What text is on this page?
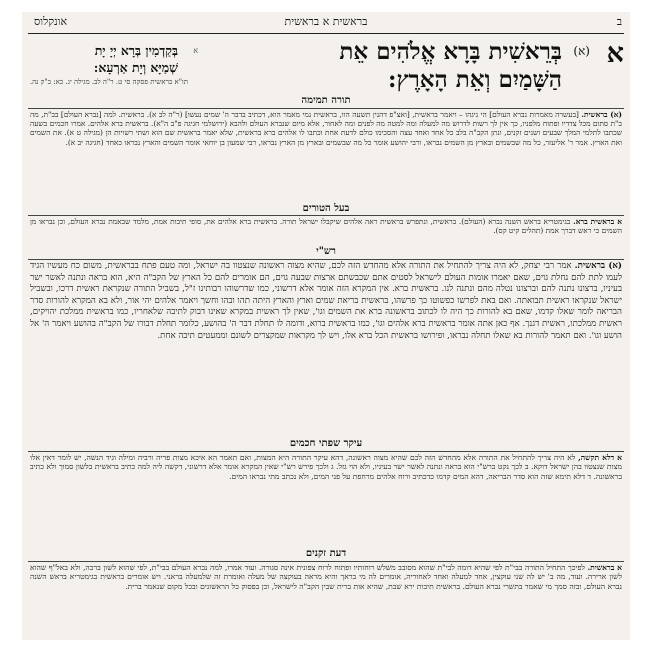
ב
בראשית א בראשית
אונקלוס
א
(א)
בְּרֵאשִׁית בָּרָא אֱלֹהִים אֵת
הַשָּׁמַיִם וְאֵת הָאָרֶץ:
א
בְּקַדְמִין בְּרָא יְיָ יָת
שְׁמַיָּא וְיָת אַרְעָא:
תו"א בראשית פסקה סי ט. ר"ה לב. מגילה יג. כא: ב"ק נה.
תורה תמימה

(א) בראשית. [בעשרה מאמרות נברא העולם] הי ניגהו – ויאמר בראשית, [ואצ"פ דהנין תשעה הוו, בראשית נמי מאמר הוא, דכתיב בדבר ה' שמים נעשו] (ר"ה לב א). בראשית. למה [נברא העולם] בב"ת, מה ב"ת סתום מכל צדדיו ופתוח מלפניו, כך אין לך רשות לדרוש מה למעלה ומה למטה מה לפנים ומה לאחור, אלא מיום שנברא העולם ולהבא (ירושלמי חגיגה פ"ב ה"א). בראשית ברא אלהים. אמרו חכמים בשעה שכתבו לתלמי המלך שבעים ושנים זקנים, ונתן הקב"ה בלב כל אחד ואחד עצה והסכימו כולם לדעת אחת וכתבו לו אלהים ברא בראשית, שלא יאמר בראשית שם הוא ושתי רשויות הן (מגילה ט א). את השמים ואת הארץ. אמר ר' אליעזר, כל מה שבשמים ובארץ מן השמים נבראו, ורבי יהושע אומר כל מה שבשמים ובארץ מן הארץ נבראו, רבי שמעון בן יוחאי אומר השמים והארץ נבראו כאחד (חגיגה יב א).

בעל הטורים

א בראשית ברא. בגימטריא בראש השנה נברא (העולם). בראשית, ונתפרש בראשית ראה אלהים שיקבלו ישראל תורה. בראשית ברא אלהים את, סופי תיבות אמת, מלמד שבאמת נברא העולם, וכן נבראו מן השמים כי ראש דברך אמת (תהלים קיט קס).

רש"י

(א) בראשית. אמר רבי יצחק, לא היה צריך להתחיל את התורה אלא מהחדש הזה לכם, שהיא מצוה ראשונה שנצטוו בה ישראל, ומה טעם פתח בבראשית, משום כח מעשיו הגיד לעמו לתת להם נחלת גוים, שאם יאמרו אומות העולם לישראל לסטים אתם שכבשתם ארצות שבעה גוים, הם אומרים להם כל הארץ של הקב"ה היא, הוא בראה ונתנה לאשר ישר בעיניו, ברצונו נתנה להם וברצונו נטלה מהם ונתנה לנו. בראשית ברא. אין המקרא הזה אומר אלא דרשוני, כמו שדרשוהו רבותינו ז"ל, בשביל התורה שנקראת ראשית דרכו, ובשביל ישראל שנקראו ראשית תבואתה. ואם באת לפרשו כפשוטו כך פרשהו, בראשית בריאת שמים וארץ והארץ היתה תהו ובהו וחשך ויאמר אלהים יהי אור, ולא בא המקרא להורות סדר הבריאה לומר שאלו קדמו, שאם בא להורות כך היה לו לכתוב בראשונה ברא את השמים וגו', שאין לך ראשית במקרא שאינו דבוק לתיבה שלאחריו, כמו בראשית ממלכת יהויקים, ראשית ממלכתו, ראשית דגנך. אף כאן אתה אומר בראשית ברא אלהים וגו', כמו בראשית ברוא, ודומה לו תחלת דבר ה' בהושע, כלומר תחלת דבורו של הקב"ה בהושע ויאמר ה' אל הושע וגו'. ואם תאמר להורות בא שאלו תחלה נבראו, ופירושו בראשית הכל ברא אלו, ויש לך מקראות שמקצרים לשונם וממעטים תיבה אחת.

עיקר שפתי חכמים

א דלא תקשה, לא היה צריך להתחיל את התורה אלא מהחדש הזה לכם שהיא מצוה ראשונה, דהא עיקר התורה היא המצות, ואם תאמר הא איכא מצות פריה ורביה ומילה וגיד הנשה, יש לומר דאין אלו מצות שנצטוו בהן ישראל דוקא. ב לכך נקט ברש"י הוא בראה ונתנה לאשר ישר בעיניו, ולא הוי גזל. ג ולכך פירש רש"י שאין המקרא אומר אלא דרשוני, דקשה ליה למה כתיב בראשית בלשון סמוך ולא כתיב בראשונה. ד דלא תימא שזה הוא סדר הבריאה, דהא המים קדמו כדכתיב ורוח אלהים מרחפת על פני המים, ולא נכתב מתי נבראו המים.

דעת זקנים

א בראשית. לפיכך התחיל התורה בבי"ת לפי שהיא דומה לבי"ת שהוא מסובב משלש רוחותיו ופתוח לרוח צפונית אינה סגורה. ועוד אמרו, למה נברא העולם בבי"ת, לפי שהוא לשון ברכה, ולא באל"ף שהוא לשון ארירה. ועוד, מה ב' יש לה שני עוקצין, אחד למעלה ואחד לאחוריה, אומרים לה מי בראך והיא מראה בעוקצה של מעלה ואומרת זה שלמעלה בראני. ויש אומרים בראשית בגימטריא בראש השנה נברא העולם, ובזה סמך מי שאמר בתשרי נברא העולם. בראשית תיבות ירא שבת, שהיא אות ברית שבין הקב"ה לישראל, וכן בפסוק כל הראשונים ובכל מקום שנאמר ברית.
